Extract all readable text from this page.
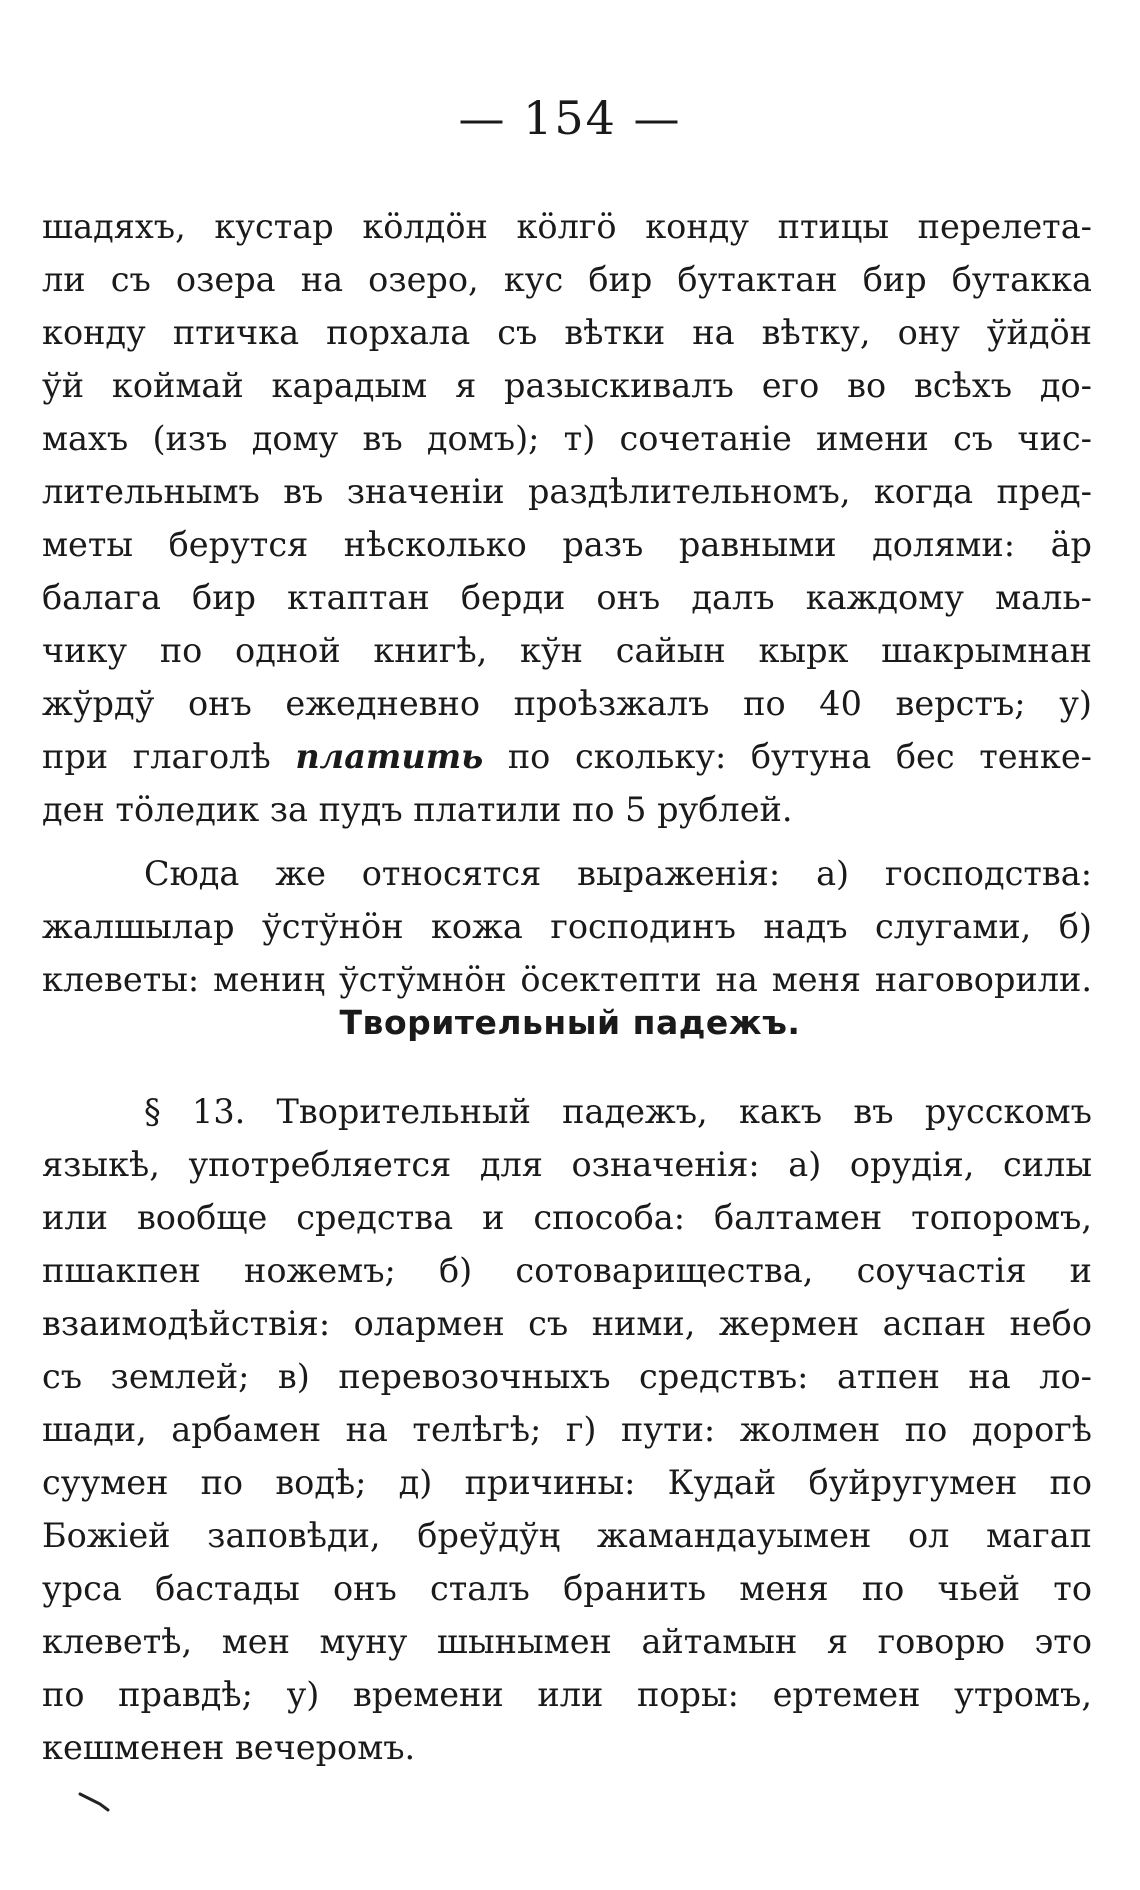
— 154 —

шадяхъ, кустар кӧлдӧн кӧлгӧ конду птицы перелета-
ли съ озера на озеро, кус бир бутактан бир бутакка
конду птичка порхала съ вѣтки на вѣтку, ону ўйдӧн
ўй коймай карадым я разыскивалъ его во всѣхъ до-
махъ (изъ дому въ домъ); т) сочетаніе имени съ чис-
лительнымъ въ значеніи раздѣлительномъ, когда пред-
меты берутся нѣсколько разъ равными долями: ӓр
балага бир ктаптан берди онъ далъ каждому маль-
чику по одной книгѣ, кўн сайын кырк шакрымнан
жўрдў онъ ежедневно проѣзжалъ по 40 верстъ; у)
при глаголѣ платить по скольку: бутуна бес тенке-
ден тӧледик за пудъ платили по 5 рублей.

Сюда же относятся выраженія: а) господства:
жалшылар ўстўнӧн кожа господинъ надъ слугами, б)
клеветы: мениң ўстўмнӧн ӧсектепти на меня наговорили.

Творительный падежъ.

§ 13. Творительный падежъ, какъ въ русскомъ
языкѣ, употребляется для означенія: а) орудія, силы
или вообще средства и способа: балтамен топоромъ,
пшакпен ножемъ; б) сотоварищества, соучастія и
взаимодѣйствія: олармен съ ними, жермен аспан небо
съ землей; в) перевозочныхъ средствъ: атпен на ло-
шади, арбамен на телѣгѣ; г) пути: жолмен по дорогѣ
суумен по водѣ; д) причины: Кудай буйругумен по
Божіей заповѣди, бреўдўң жамандауымен ол магап
урса бастады онъ сталъ бранить меня по чьей то
клеветѣ, мен муну шынымен айтамын я говорю это
по правдѣ; у) времени или поры: ертемен утромъ,
кешменен вечеромъ.
